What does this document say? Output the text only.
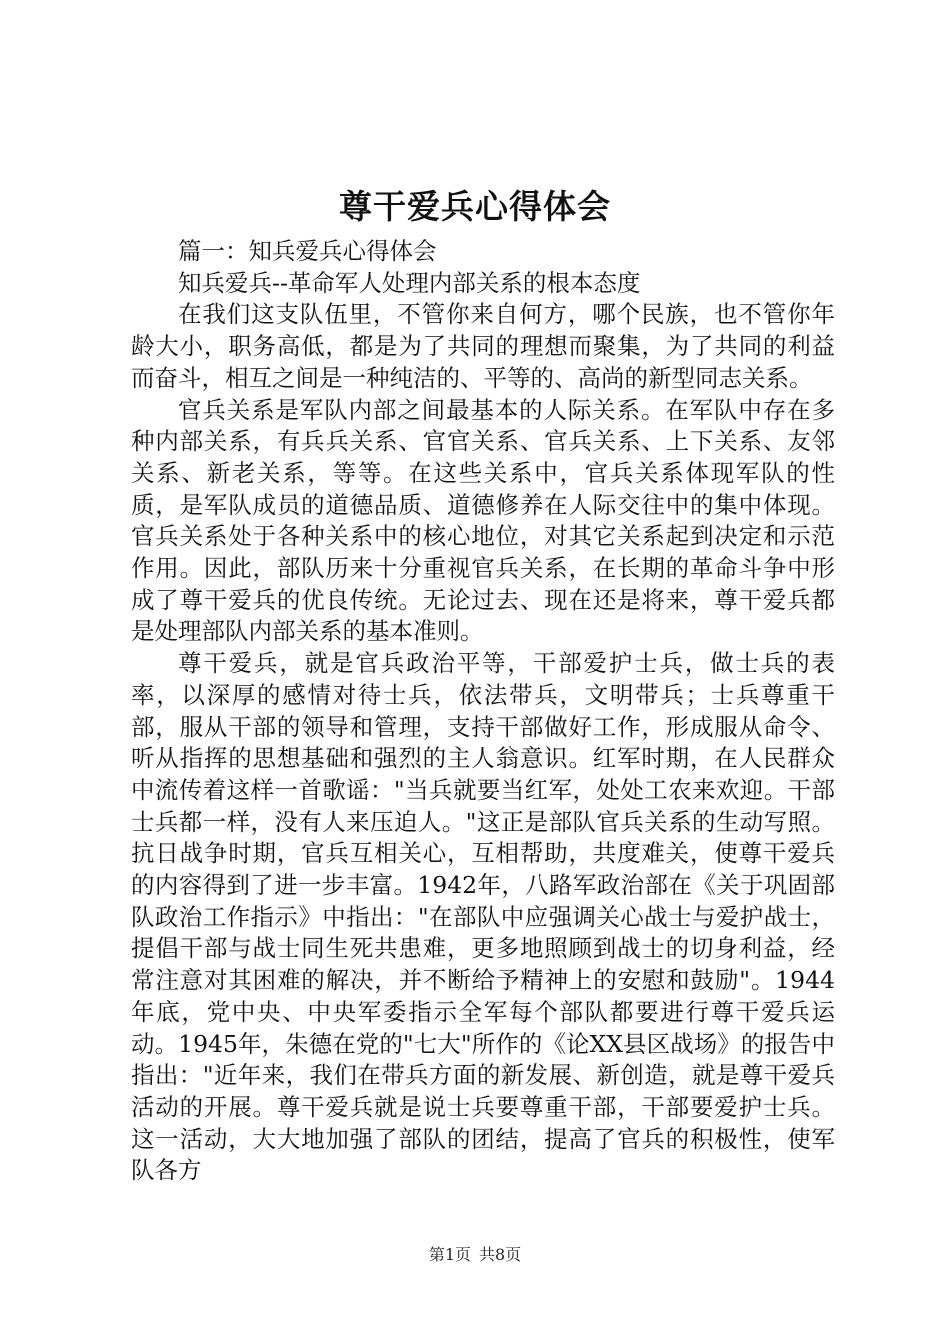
尊干爱兵心得体会

篇一：知兵爱兵心得体会

知兵爱兵--革命军人处理内部关系的根本态度

在我们这支队伍里，不管你来自何方，哪个民族，也不管你年龄大小，职务高低，都是为了共同的理想而聚集，为了共同的利益而奋斗，相互之间是一种纯洁的、平等的、高尚的新型同志关系。

官兵关系是军队内部之间最基本的人际关系。在军队中存在多种内部关系，有兵兵关系、官官关系、官兵关系、上下关系、友邻关系、新老关系，等等。在这些关系中，官兵关系体现军队的性质，是军队成员的道德品质、道德修养在人际交往中的集中体现。官兵关系处于各种关系中的核心地位，对其它关系起到决定和示范作用。因此，部队历来十分重视官兵关系，在长期的革命斗争中形成了尊干爱兵的优良传统。无论过去、现在还是将来，尊干爱兵都是处理部队内部关系的基本准则。

尊干爱兵，就是官兵政治平等，干部爱护士兵，做士兵的表率，以深厚的感情对待士兵，依法带兵，文明带兵；士兵尊重干部，服从干部的领导和管理，支持干部做好工作，形成服从命令、听从指挥的思想基础和强烈的主人翁意识。红军时期，在人民群众中流传着这样一首歌谣："当兵就要当红军，处处工农来欢迎。干部士兵都一样，没有人来压迫人。"这正是部队官兵关系的生动写照。抗日战争时期，官兵互相关心，互相帮助，共度难关，使尊干爱兵的内容得到了进一步丰富。1942年，八路军政治部在《关于巩固部队政治工作指示》中指出："在部队中应强调关心战士与爱护战士，提倡干部与战士同生死共患难，更多地照顾到战士的切身利益，经常注意对其困难的解决，并不断给予精神上的安慰和鼓励"。1944年底，党中央、中央军委指示全军每个部队都要进行尊干爱兵运动。1945年，朱德在党的"七大"所作的《论XX县区战场》的报告中指出："近年来，我们在带兵方面的新发展、新创造，就是尊干爱兵活动的开展。尊干爱兵就是说士兵要尊重干部，干部要爱护士兵。这一活动，大大地加强了部队的团结，提高了官兵的积极性，使军队各方

第1页 共8页
